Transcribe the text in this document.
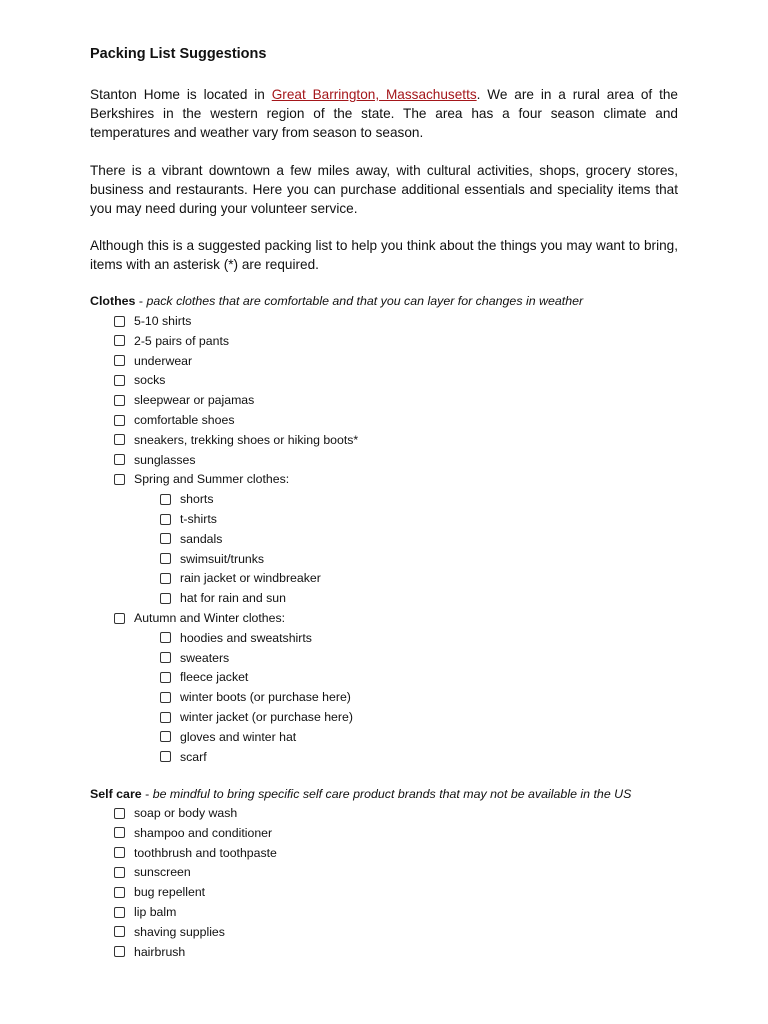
Packing List Suggestions

Stanton Home is located in Great Barrington, Massachusetts. We are in a rural area of the Berkshires in the western region of the state. The area has a four season climate and temperatures and weather vary from season to season.

There is a vibrant downtown a few miles away, with cultural activities, shops, grocery stores, business and restaurants. Here you can purchase additional essentials and speciality items that you may need during your volunteer service.

Although this is a suggested packing list to help you think about the things you may want to bring, items with an asterisk (*) are required.

Clothes - pack clothes that are comfortable and that you can layer for changes in weather

5-10 shirts
2-5 pairs of pants
underwear
socks
sleepwear or pajamas
comfortable shoes
sneakers, trekking shoes or hiking boots*
sunglasses
Spring and Summer clothes:
shorts
t-shirts
sandals
swimsuit/trunks
rain jacket or windbreaker
hat for rain and sun
Autumn and Winter clothes:
hoodies and sweatshirts
sweaters
fleece jacket
winter boots (or purchase here)
winter jacket (or purchase here)
gloves and winter hat
scarf

Self care - be mindful to bring specific self care product brands that may not be available in the US

soap or body wash
shampoo and conditioner
toothbrush and toothpaste
sunscreen
bug repellent
lip balm
shaving supplies
hairbrush
